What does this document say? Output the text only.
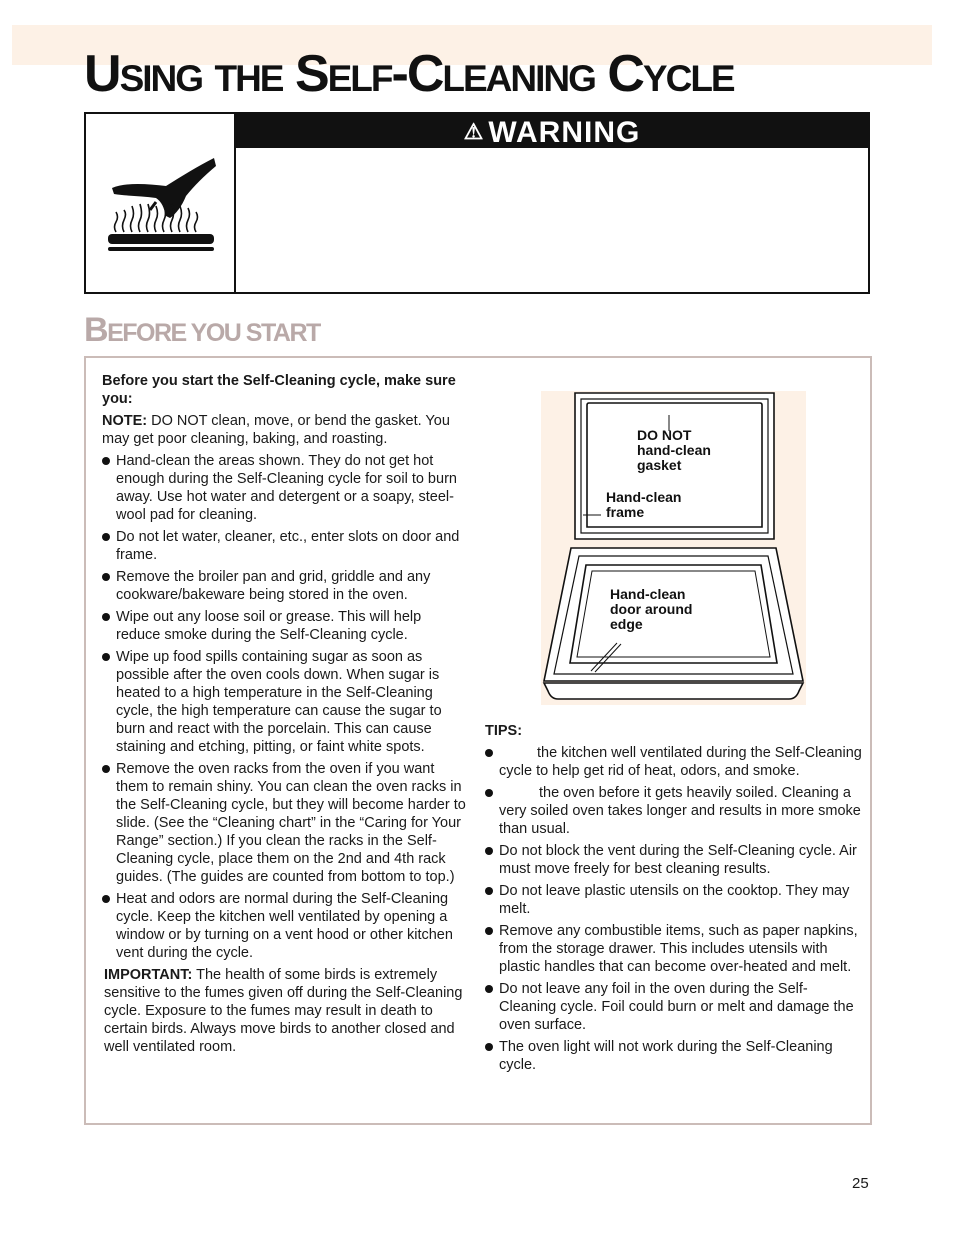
USING THE SELF-CLEANING CYCLE
⚠ WARNING
BEFORE YOU START

Before you start the Self-Cleaning cycle, make sure you:

NOTE: DO NOT clean, move, or bend the gasket. You may get poor cleaning, baking, and roasting.

Hand-clean the areas shown. They do not get hot enough during the Self-Cleaning cycle for soil to burn away. Use hot water and detergent or a soapy, steel-wool pad for cleaning.
Do not let water, cleaner, etc., enter slots on door and frame.
Remove the broiler pan and grid, griddle and any cookware/bakeware being stored in the oven.
Wipe out any loose soil or grease. This will help reduce smoke during the Self-Cleaning cycle.
Wipe up food spills containing sugar as soon as possible after the oven cools down. When sugar is heated to a high temperature in the Self-Cleaning cycle, the high temperature can cause the sugar to burn and react with the porcelain. This can cause staining and etching, pitting, or faint white spots.
Remove the oven racks from the oven if you want them to remain shiny. You can clean the oven racks in the Self-Cleaning cycle, but they will become harder to slide. (See the “Cleaning chart” in the “Caring for Your Range” section.) If you clean the racks in the Self-Cleaning cycle, place them on the 2nd and 4th rack guides. (The guides are counted from bottom to top.)
Heat and odors are normal during the Self-Cleaning cycle. Keep the kitchen well ventilated by opening a window or by turning on a vent hood or other kitchen vent during the cycle.

IMPORTANT: The health of some birds is extremely sensitive to the fumes given off during the Self-Cleaning cycle. Exposure to the fumes may result in death to certain birds. Always move birds to another closed and well ventilated room.

DO NOT
hand-clean
gasket
Hand-clean
frame
Hand-clean
door around
edge

TIPS:

the kitchen well ventilated during the Self-Cleaning cycle to help get rid of heat, odors, and smoke.
the oven before it gets heavily soiled. Cleaning a very soiled oven takes longer and results in more smoke than usual.
Do not block the vent during the Self-Cleaning cycle. Air must move freely for best cleaning results.
Do not leave plastic utensils on the cooktop. They may melt.
Remove any combustible items, such as paper napkins, from the storage drawer. This includes utensils with plastic handles that can become over-heated and melt.
Do not leave any foil in the oven during the Self-Cleaning cycle. Foil could burn or melt and damage the oven surface.
The oven light will not work during the Self-Cleaning cycle.
25
